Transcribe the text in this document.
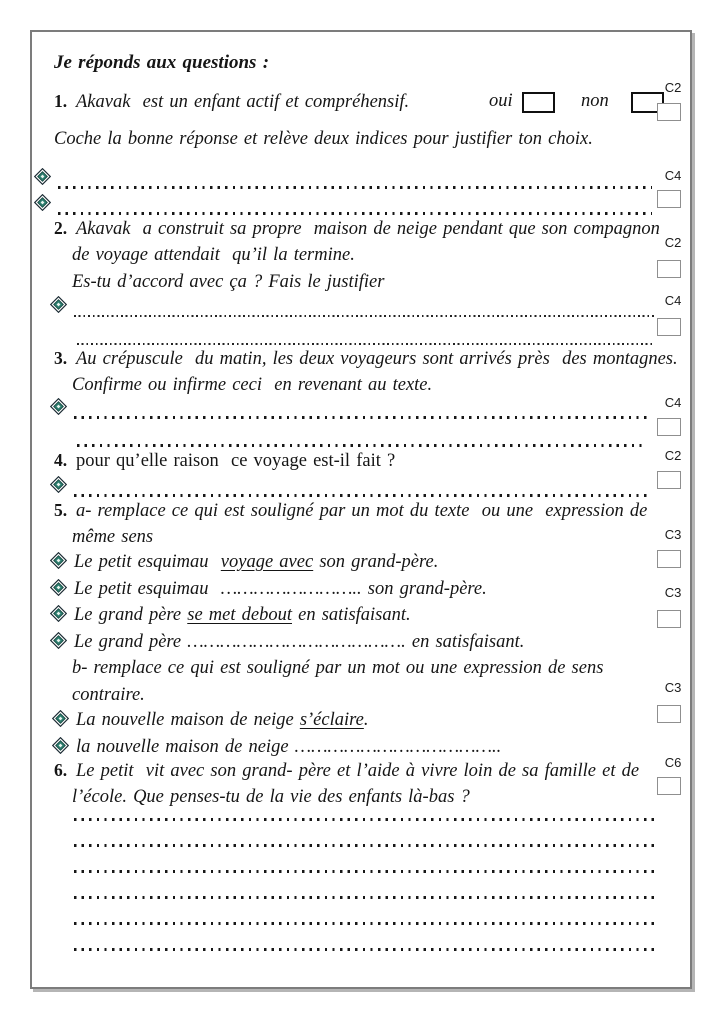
Je réponds aux questions :
1. Akavak  est un enfant actif et compréhensif.	oui	non
Coche la bonne réponse et relève deux indices pour justifier ton choix.
2. Akavak  a construit sa propre  maison de neige pendant que son compagnon
de voyage attendait  qu’il la termine.
Es-tu d’accord avec ça ? Fais le justifier
3. Au crépuscule  du matin, les deux voyageurs sont arrivés près  des montagnes.
Confirme ou infirme ceci  en revenant au texte.
4. pour qu’elle raison  ce voyage est-il fait ?
5. a- remplace ce qui est souligné par un mot du texte  ou une  expression de
même sens
Le petit esquimau  voyage avec son grand-père.
Le petit esquimau  …………………….. son grand-père.
Le grand père se met debout en satisfaisant.
Le grand père …………………………………. en satisfaisant.
b- remplace ce qui est souligné par un mot ou une expression de sens
contraire.
La nouvelle maison de neige s’éclaire.
la nouvelle maison de neige ………………………………..
6. Le petit  vit avec son grand- père et l’aide à vivre loin de sa famille et de
l’école. Que penses-tu de la vie des enfants là-bas ?
C2
C4
C2
C4
C4
C2
C3
C3
C3
C6
